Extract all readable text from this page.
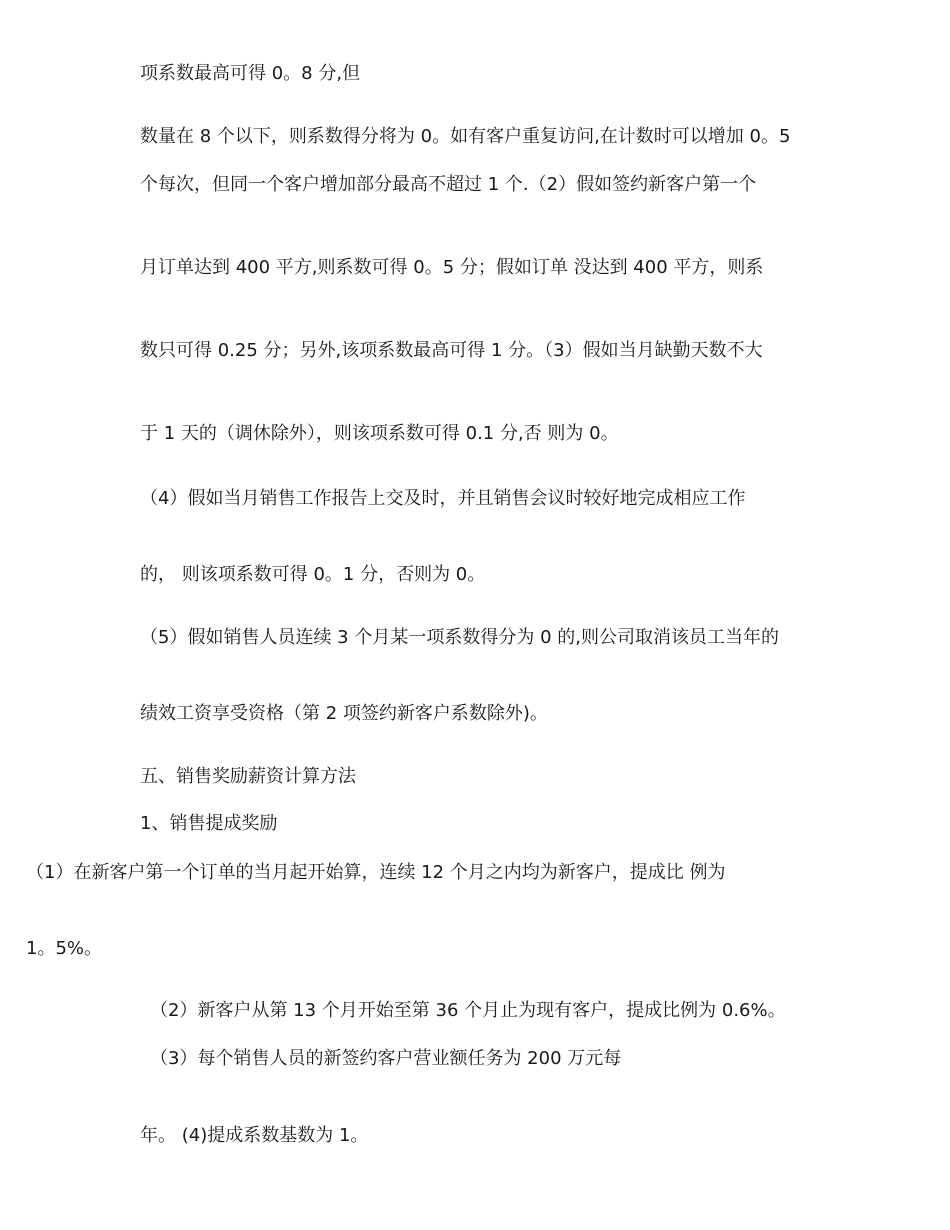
项系数最高可得 0。8 分,但
数量在 8 个以下，则系数得分将为 0。如有客户重复访问,在计数时可以增加 0。5
个每次，但同一个客户增加部分最高不超过 1 个.（2）假如签约新客户第一个
月订单达到 400 平方,则系数可得 0。5 分；假如订单 没达到 400 平方，则系
数只可得 0.25 分；另外,该项系数最高可得 1 分。（3）假如当月缺勤天数不大
于 1 天的（调休除外），则该项系数可得 0.1 分,否 则为 0。
（4）假如当月销售工作报告上交及时，并且销售会议时较好地完成相应工作
的， 则该项系数可得 0。1 分，否则为 0。
（5）假如销售人员连续 3 个月某一项系数得分为 0 的,则公司取消该员工当年的
绩效工资享受资格（第 2 项签约新客户系数除外)。
五、销售奖励薪资计算方法
1、销售提成奖励
（1）在新客户第一个订单的当月起开始算，连续 12 个月之内均为新客户，提成比 例为
1。5%。
（2）新客户从第 13 个月开始至第 36 个月止为现有客户，提成比例为 0.6%。
（3）每个销售人员的新签约客户营业额任务为 200 万元每
年。 (4)提成系数基数为 1。
